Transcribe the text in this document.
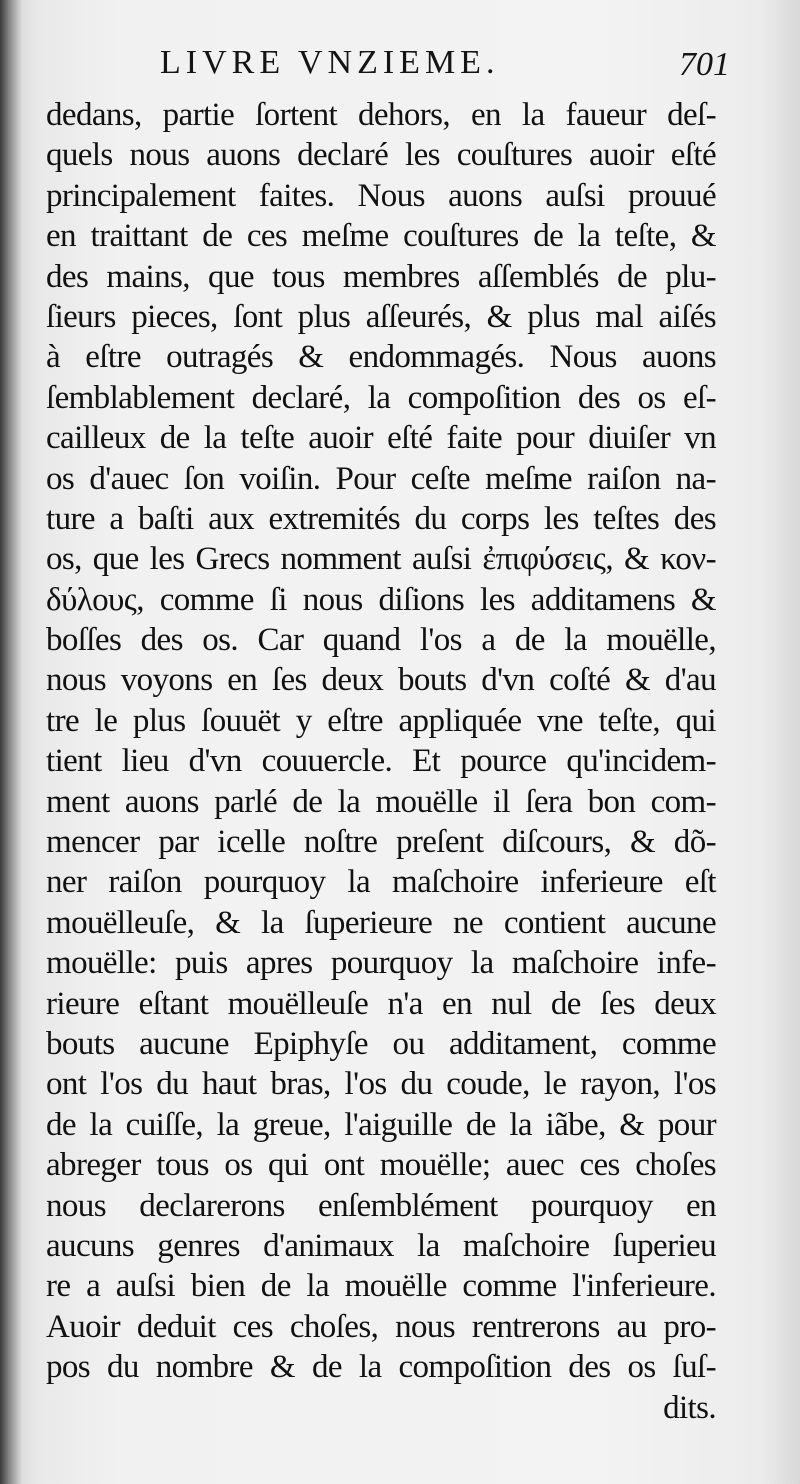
LIVRE VNZIEME.	701
dedans, partie ſortent dehors, en la faueur deſ-
quels nous auons declaré les couſtures auoir eſté
principalement faites. Nous auons auſsi prouué
en traittant de ces meſme couſtures de la teſte, &
des mains, que tous membres aſſemblés de plu-
ſieurs pieces, ſont plus aſſeurés, & plus mal aiſés
à eſtre outragés & endommagés. Nous auons
ſemblablement declaré, la compoſition des os eſ-
cailleux de la teſte auoir eſté faite pour diuiſer vn
os d'auec ſon voiſin. Pour ceſte meſme raiſon na-
ture a baſti aux extremités du corps les teſtes des
os, que les Grecs nomment auſsi ἐπιφύσεις, & κον-
δύλους, comme ſi nous diſions les additamens &
boſſes des os. Car quand l'os a de la mouëlle,
nous voyons en ſes deux bouts d'vn coſté & d'au
tre le plus ſouuët y eſtre appliquée vne teſte, qui
tient lieu d'vn couuercle. Et pource qu'incidem-
ment auons parlé de la mouëlle il ſera bon com-
mencer par icelle noſtre preſent diſcours, & dõ-
ner raiſon pourquoy la maſchoire inferieure eſt
mouëlleuſe, & la ſuperieure ne contient aucune
mouëlle: puis apres pourquoy la maſchoire infe-
rieure eſtant mouëlleuſe n'a en nul de ſes deux
bouts aucune Epiphyſe ou additament, comme
ont l'os du haut bras, l'os du coude, le rayon, l'os
de la cuiſſe, la greue, l'aiguille de la iãbe, & pour
abreger tous os qui ont mouëlle; auec ces choſes
nous declarerons enſemblément pourquoy en
aucuns genres d'animaux la maſchoire ſuperieu
re a auſsi bien de la mouëlle comme l'inferieure.
Auoir deduit ces choſes, nous rentrerons au pro-
pos du nombre & de la compoſition des os ſuſ-
dits.
